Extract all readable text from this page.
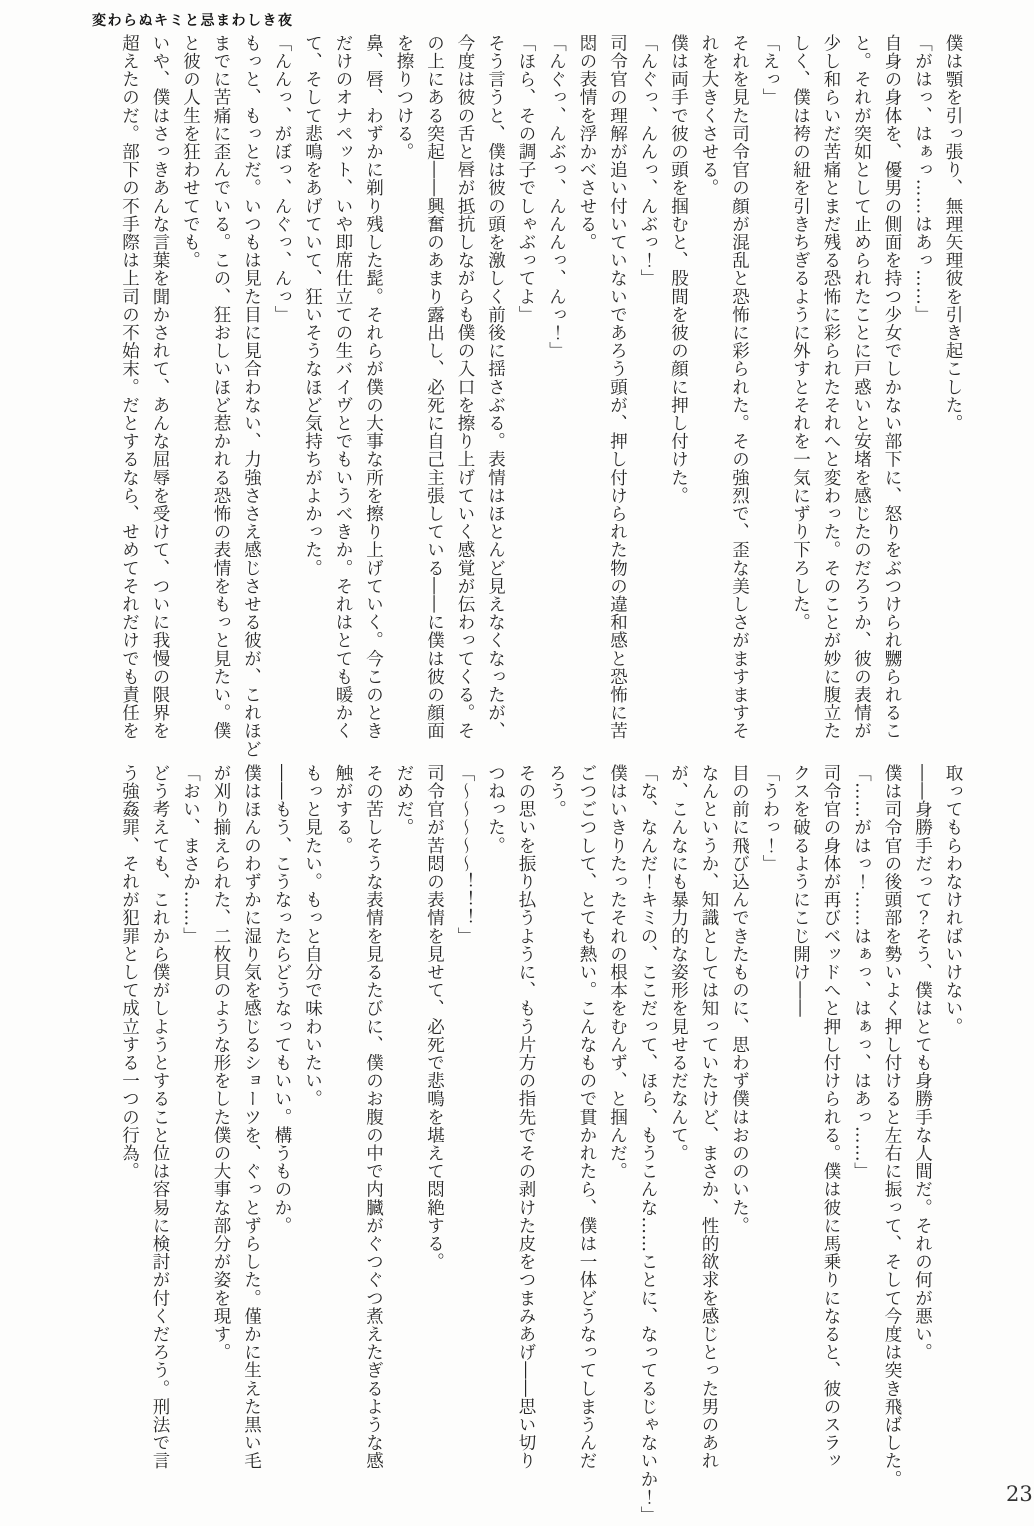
変わらぬキミと忌まわしき夜
僕は顎を引っ張り、無理矢理彼を引き起こした。
「がはっ、はぁっ……はあっ……」
自身の身体を、優男の側面を持つ少女でしかない部下に、怒りをぶつけられ嬲られるこ
と。それが突如として止められたことに戸惑いと安堵を感じたのだろうか、彼の表情が
少し和らいだ苦痛とまだ残る恐怖に彩られたそれへと変わった。そのことが妙に腹立た
しく、僕は袴の紐を引きちぎるように外すとそれを一気にずり下ろした。
「えっ」
それを見た司令官の顔が混乱と恐怖に彩られた。その強烈で、歪な美しさがますますそ
れを大きくさせる。
僕は両手で彼の頭を掴むと、股間を彼の顔に押し付けた。
「んぐっ、んんっ、んぶっ！」
司令官の理解が追い付いていないであろう頭が、押し付けられた物の違和感と恐怖に苦
悶の表情を浮かべさせる。
「んぐっ、んぶっ、んんんっ、んっ！」
「ほら、その調子でしゃぶってよ」
そう言うと、僕は彼の頭を激しく前後に揺さぶる。表情はほとんど見えなくなったが、
今度は彼の舌と唇が抵抗しながらも僕の入口を擦り上げていく感覚が伝わってくる。そ
の上にある突起――興奮のあまり露出し、必死に自己主張している――に僕は彼の顔面
を擦りつける。
鼻、唇、わずかに剃り残した髭。それらが僕の大事な所を擦り上げていく。今このとき
だけのオナペット、いや即席仕立ての生バイヴとでもいうべきか。それはとても暖かく
て、そして悲鳴をあげていて、狂いそうなほど気持ちがよかった。
「んんっ、がぼっ、んぐっ、んっ」
もっと、もっとだ。いつもは見た目に見合わない、力強ささえ感じさせる彼が、これほど
までに苦痛に歪んでいる。この、狂おしいほど惹かれる恐怖の表情をもっと見たい。僕
と彼の人生を狂わせてでも。
いや、僕はさっきあんな言葉を聞かされて、あんな屈辱を受けて、ついに我慢の限界を
超えたのだ。部下の不手際は上司の不始末。だとするなら、せめてそれだけでも責任を
取ってもらわなければいけない。
――身勝手だって？そう、僕はとても身勝手な人間だ。それの何が悪い。
僕は司令官の後頭部を勢いよく押し付けると左右に振って、そして今度は突き飛ばした。
「……がはっ！……はぁっ、はぁっ、はあっ……」
司令官の身体が再びベッドへと押し付けられる。僕は彼に馬乗りになると、彼のスラッ
クスを破るようにこじ開け――
「うわっ！」
目の前に飛び込んできたものに、思わず僕はおののいた。
なんというか、知識としては知っていたけど、まさか、性的欲求を感じとった男のあれ
が、こんなにも暴力的な姿形を見せるだなんて。
「な、なんだ！キミの、ここだって、ほら、もうこんな……ことに、なってるじゃないか！」
僕はいきりたったそれの根本をむんず、と掴んだ。
ごつごつして、とても熱い。こんなもので貫かれたら、僕は一体どうなってしまうんだ
ろう。
その思いを振り払うように、もう片方の指先でその剥けた皮をつまみあげ――思い切り
つねった。
「～～～～～！！！」
司令官が苦悶の表情を見せて、必死で悲鳴を堪えて悶絶する。
だめだ。
その苦しそうな表情を見るたびに、僕のお腹の中で内臓がぐつぐつ煮えたぎるような感
触がする。
もっと見たい。もっと自分で味わいたい。
――もう、こうなったらどうなってもいい。構うものか。
僕はほんのわずかに湿り気を感じるショーツを、ぐっとずらした。僅かに生えた黒い毛
が刈り揃えられた、二枚貝のような形をした僕の大事な部分が姿を現す。
「おい、まさか……」
どう考えても、これから僕がしようとすること位は容易に検討が付くだろう。刑法で言
う強姦罪、それが犯罪として成立する一つの行為。
23
